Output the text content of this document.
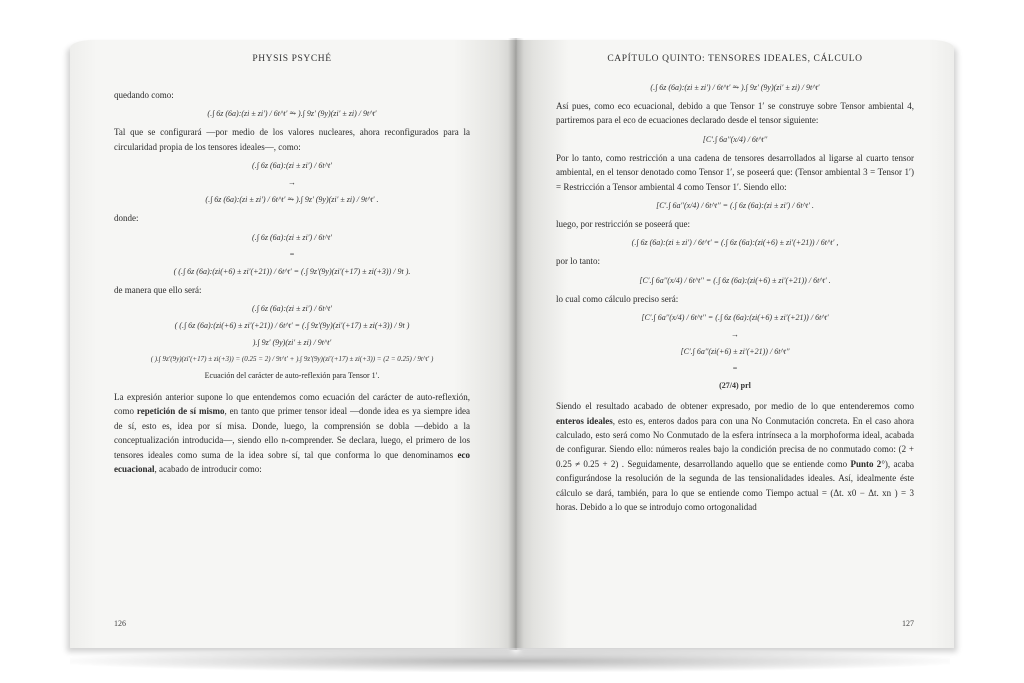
PHYSIS PSYCHÉ

quedando como:

(.∫ 6z (6a):(zi ± zi′) / 6t^t′ ⥲ ).∫ 9z′ (9y)(zi′ ± zi) / 9t^t′

Tal que se configurará —por medio de los valores nucleares, ahora reconfigurados para la circularidad propia de los tensores ideales—, como:

(.∫ 6z (6a):(zi ± zi′) / 6t^t′
→
(.∫ 6z (6a):(zi ± zi′) / 6t^t′ ⥲ ).∫ 9z′ (9y)(zi′ ± zi) / 9t^t′ .

donde:

(.∫ 6z (6a):(zi ± zi′) / 6t^t′
=
( (.∫ 6z (6a):(zi(+6) ± zi′(+21)) / 6t^t′ = (.∫ 9z′(9y)(zi′(+17) ± zi(+3)) / 9t ).

de manera que ello será:

(.∫ 6z (6a):(zi ± zi′) / 6t^t′
( (.∫ 6z (6a):(zi(+6) ± zi′(+21)) / 6t^t′ = (.∫ 9z′(9y)(zi′(+17) ± zi(+3)) / 9t )
).∫ 9z′ (9y)(zi′ ± zi) / 9t^t′
( ).∫ 9z′(9y)(zi′(+17) ± zi(+3)) = (0.25 = 2) / 9t^t′ + ).∫ 9z′(9y)(zi′(+17) ± zi(+3)) = (2 = 0.25) / 9t^t′ )
Ecuación del carácter de auto-reflexión para Tensor 1′.

La expresión anterior supone lo que entendemos como ecuación del carácter de auto-reflexión, como repetición de sí mismo, en tanto que primer tensor ideal —donde idea es ya siempre idea de sí, esto es, idea por sí misa. Donde, luego, la comprensión se dobla —debido a la conceptualización introducida—, siendo ello n-comprender. Se declara, luego, el primero de los tensores ideales como suma de la idea sobre sí, tal que conforma lo que denominamos eco ecuacional, acabado de introducir como:

126
CAPÍTULO QUINTO: TENSORES IDEALES, CÁLCULO
(.∫ 6z (6a):(zi ± zi′) / 6t^t′ ⥲ ).∫ 9z′ (9y)(zi′ ± zi) / 9t^t′

Así pues, como eco ecuacional, debido a que Tensor 1′ se construye sobre Tensor ambiental 4, partiremos para el eco de ecuaciones declarado desde el tensor siguiente:

[C′.∫ 6a′′(x/4) / 6t^t′′

Por lo tanto, como restricción a una cadena de tensores desarrollados al ligarse al cuarto tensor ambiental, en el tensor denotado como Tensor 1′, se poseerá que: (Tensor ambiental 3 = Tensor 1′) = Restricción a Tensor ambiental 4 como Tensor 1′. Siendo ello:

[C′.∫ 6a′′(x/4) / 6t^t′′ = (.∫ 6z (6a):(zi ± zi′) / 6t^t′ .

luego, por restricción se poseerá que:

(.∫ 6z (6a):(zi ± zi′) / 6t^t′ = (.∫ 6z (6a):(zi(+6) ± zi′(+21)) / 6t^t′ ,

por lo tanto:

[C′.∫ 6a′′(x/4) / 6t^t′′ = (.∫ 6z (6a):(zi(+6) ± zi′(+21)) / 6t^t′ .

lo cual como cálculo preciso será:

[C′.∫ 6a′′(x/4) / 6t^t′′ = (.∫ 6z (6a):(zi(+6) ± zi′(+21)) / 6t^t′
→
[C′.∫ 6a′′(zi(+6) ± zi′(+21)) / 6t^t′′
=
(27/4) prl

Siendo el resultado acabado de obtener expresado, por medio de lo que entenderemos como enteros ideales, esto es, enteros dados para con una No Conmutación concreta. En el caso ahora calculado, esto será como No Conmutado de la esfera intrínseca a la morphoforma ideal, acabada de configurar. Siendo ello: números reales bajo la condición precisa de no conmutado como: (2 + 0.25 ≠ 0.25 + 2) . Seguidamente, desarrollando aquello que se entiende como Punto 2°), acaba configurándose la resolución de la segunda de las tensionalidades ideales. Así, idealmente éste cálculo se dará, también, para lo que se entiende como Tiempo actual = (Δt. x0 − Δt. xn ) = 3 horas. Debido a lo que se introdujo como ortogonalidad

127
